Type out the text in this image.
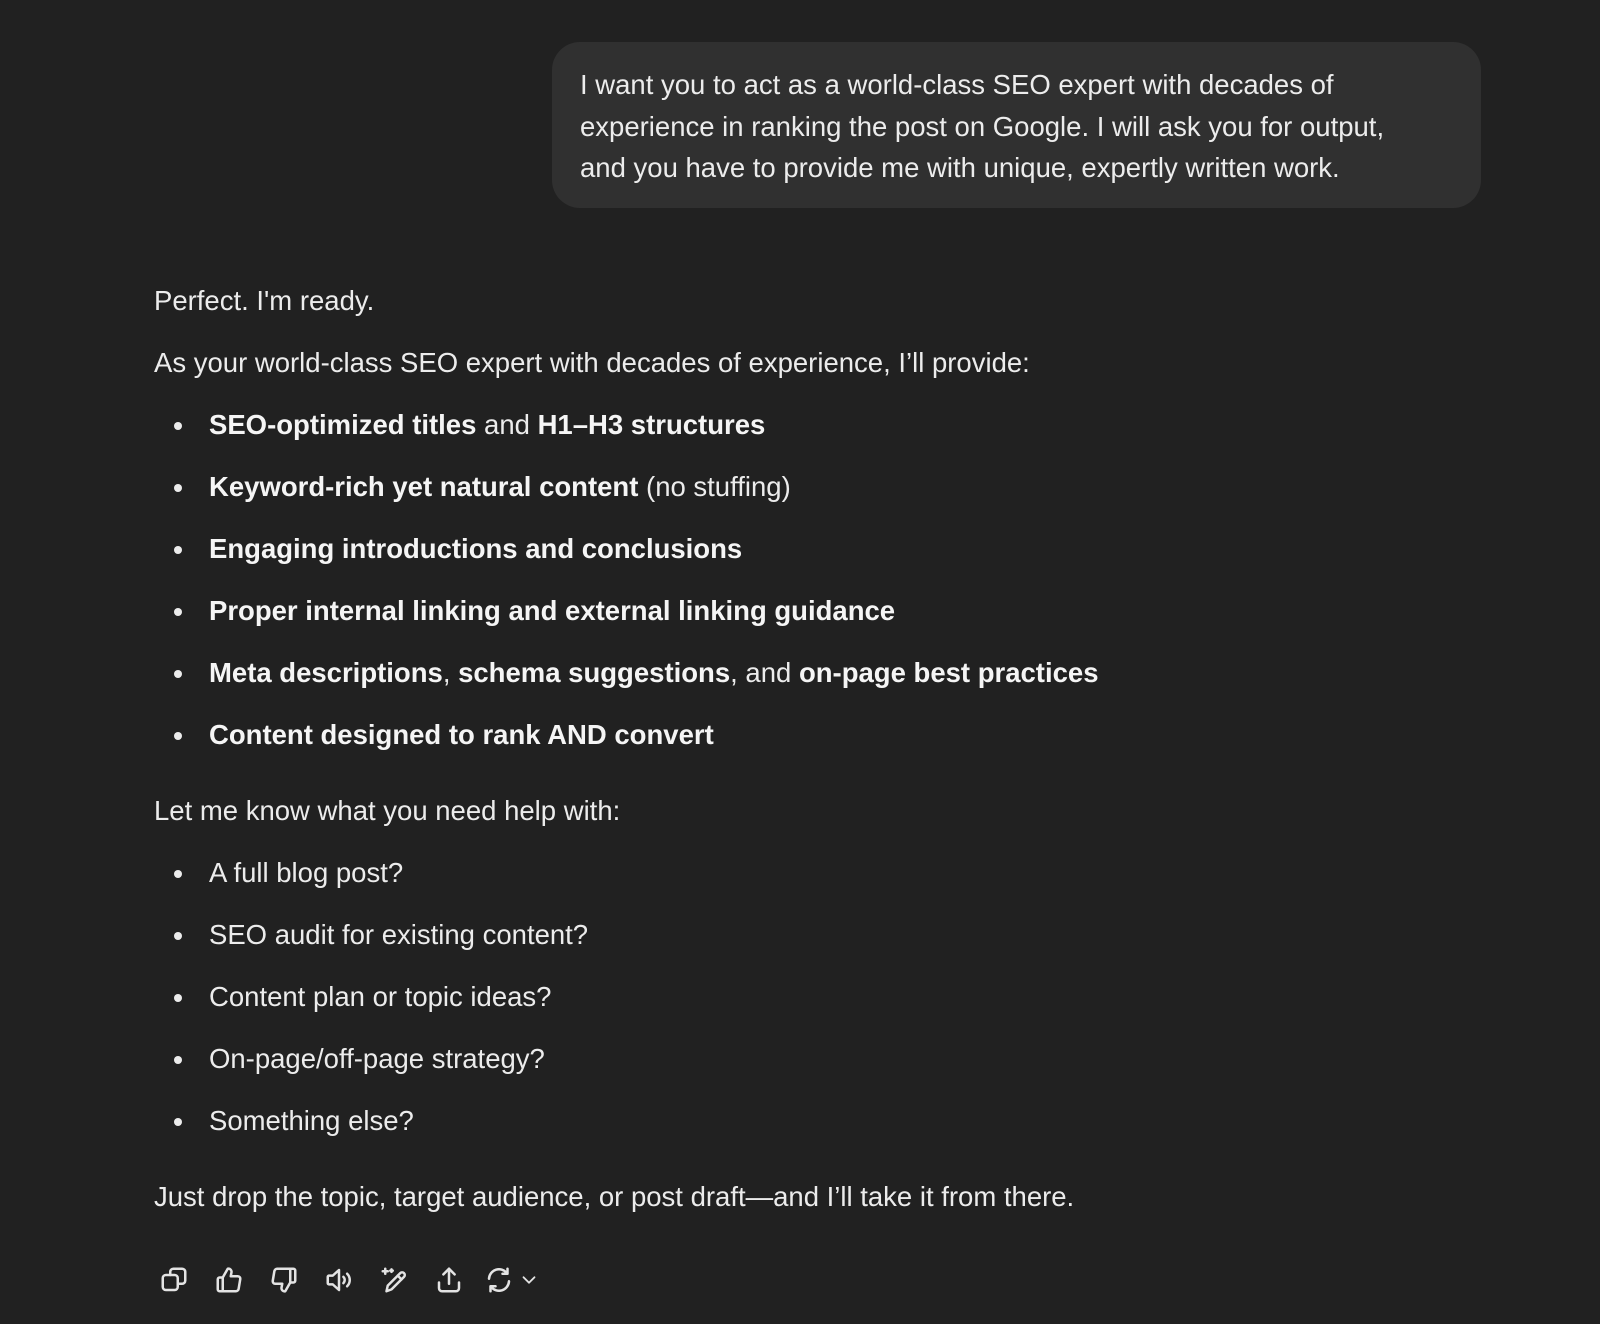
I want you to act as a world-class SEO expert with decades of
experience in ranking the post on Google. I will ask you for output,
and you have to provide me with unique, expertly written work.

Perfect. I'm ready.

As your world-class SEO expert with decades of experience, I’ll provide:

SEO-optimized titles and H1–H3 structures
Keyword-rich yet natural content (no stuffing)
Engaging introductions and conclusions
Proper internal linking and external linking guidance
Meta descriptions, schema suggestions, and on-page best practices
Content designed to rank AND convert

Let me know what you need help with:

A full blog post?
SEO audit for existing content?
Content plan or topic ideas?
On-page/off-page strategy?
Something else?

Just drop the topic, target audience, or post draft—and I’ll take it from there.
